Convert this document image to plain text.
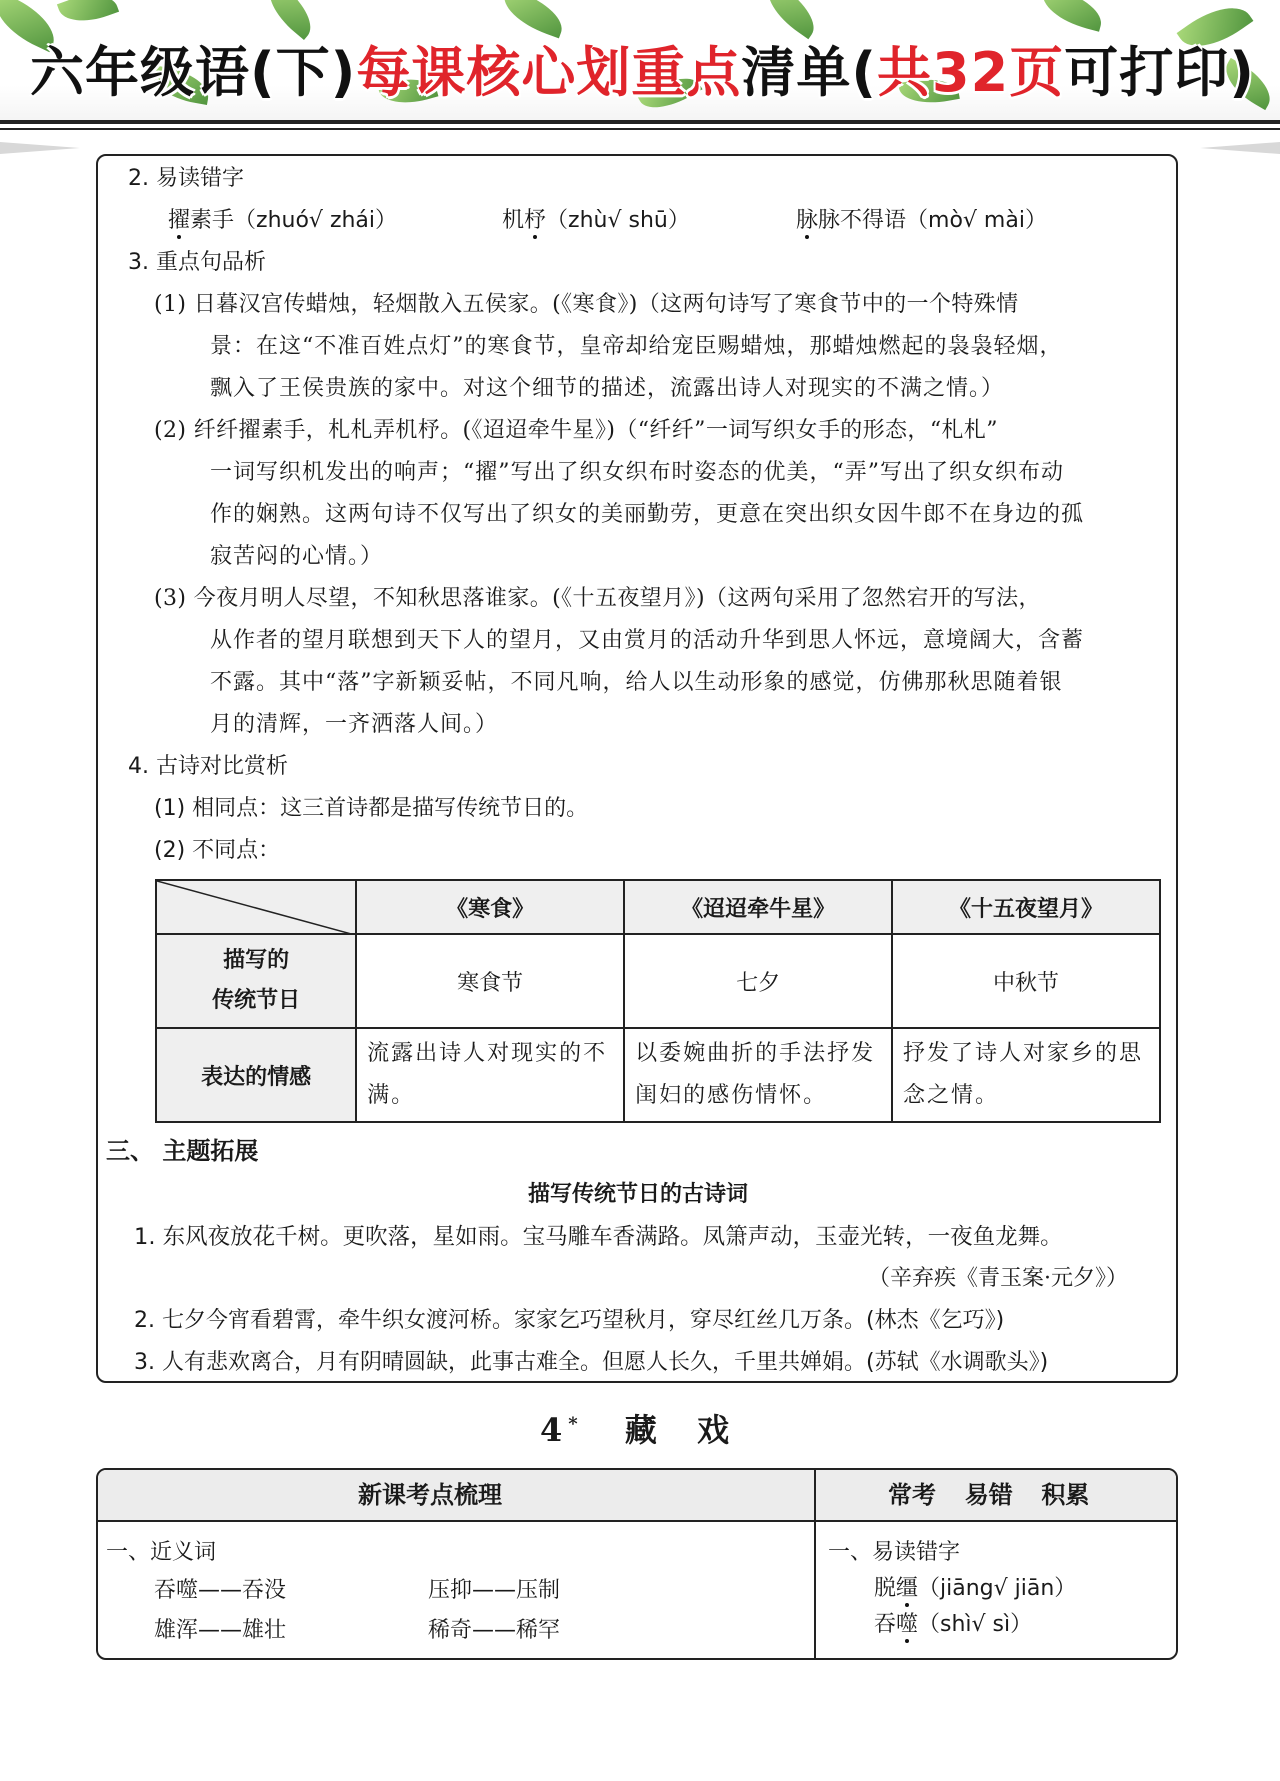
六年级语(下)每课核心划重点清单(共32页可打印)
2. 易读错字
擢素手（zhuó√ zhái）	机杼（zhù√ shū）	脉脉不得语（mò√ mài）
3. 重点句品析
(1) 日暮汉宫传蜡烛，轻烟散入五侯家。(《寒食》)（这两句诗写了寒食节中的一个特殊情
景：在这“不准百姓点灯”的寒食节，皇帝却给宠臣赐蜡烛，那蜡烛燃起的袅袅轻烟，
飘入了王侯贵族的家中。对这个细节的描述，流露出诗人对现实的不满之情。）
(2) 纤纤擢素手，札札弄机杼。(《迢迢牵牛星》)（“纤纤”一词写织女手的形态，“札札”
一词写织机发出的响声；“擢”写出了织女织布时姿态的优美，“弄”写出了织女织布动
作的娴熟。这两句诗不仅写出了织女的美丽勤劳，更意在突出织女因牛郎不在身边的孤
寂苦闷的心情。）
(3) 今夜月明人尽望，不知秋思落谁家。(《十五夜望月》)（这两句采用了忽然宕开的写法，
从作者的望月联想到天下人的望月，又由赏月的活动升华到思人怀远，意境阔大，含蓄
不露。其中“落”字新颖妥帖，不同凡响，给人以生动形象的感觉，仿佛那秋思随着银
月的清辉，一齐洒落人间。）
4. 古诗对比赏析
(1) 相同点：这三首诗都是描写传统节日的。
(2) 不同点：
	《寒食》	《迢迢牵牛星》	《十五夜望月》

描写的
传统节日	寒食节	七夕	中秋节
表达的情感	流露出诗人对现实的不满。	以委婉曲折的手法抒发闺妇的感伤情怀。	抒发了诗人对家乡的思念之情。
三、 主题拓展
描写传统节日的古诗词
1. 东风夜放花千树。更吹落，星如雨。宝马雕车香满路。凤箫声动，玉壶光转，一夜鱼龙舞。
（辛弃疾《青玉案·元夕》）
2. 七夕今宵看碧霄，牵牛织女渡河桥。家家乞巧望秋月，穿尽红丝几万条。(林杰《乞巧》)
3. 人有悲欢离合，月有阴晴圆缺，此事古难全。但愿人长久，千里共婵娟。(苏轼《水调歌头》)
4* 藏  戏
新课考点梳理	常考  易错  积累
一、近义词
吞噬——吞没	压抑——压制
雄浑——雄壮	稀奇——稀罕
一、易读错字
脱缰（jiāng√ jiān）
吞噬（shì√ sì）
